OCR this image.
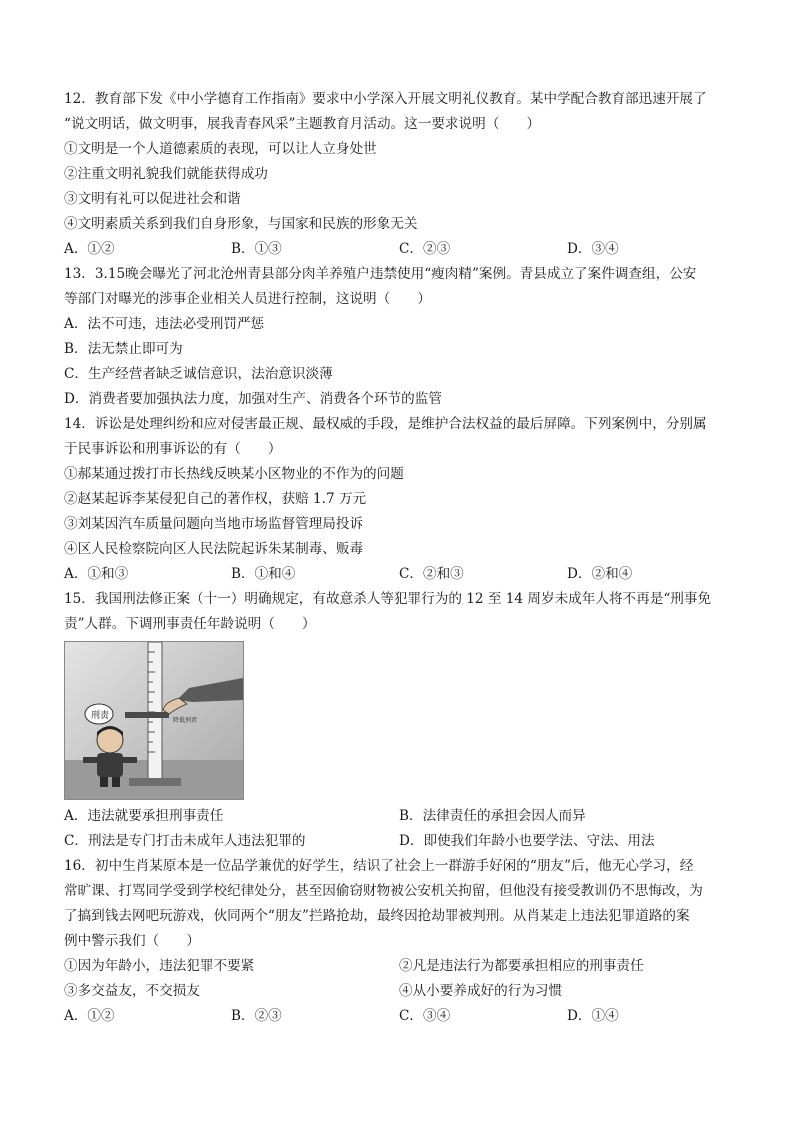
12．教育部下发《中小学德育工作指南》要求中小学深入开展文明礼仪教育。某中学配合教育部迅速开展了
“说文明话，做文明事，展我青春风采”主题教育月活动。这一要求说明（　　）
①文明是一个人道德素质的表现，可以让人立身处世
②注重文明礼貌我们就能获得成功
③文明有礼可以促进社会和谐
④文明素质关系到我们自身形象，与国家和民族的形象无关
A．①②	B．①③	C．②③	D．③④
13．3.15晚会曝光了河北沧州青县部分肉羊养殖户违禁使用“瘦肉精”案例。青县成立了案件调查组，公安
等部门对曝光的涉事企业相关人员进行控制，这说明（　　）
A．法不可违，违法必受刑罚严惩
B．法无禁止即可为
C．生产经营者缺乏诚信意识，法治意识淡薄
D．消费者要加强执法力度，加强对生产、消费各个环节的监管
14．诉讼是处理纠纷和应对侵害最正规、最权威的手段，是维护合法权益的最后屏障。下列案例中，分别属
于民事诉讼和刑事诉讼的有（　　）
①郝某通过拨打市长热线反映某小区物业的不作为的问题
②赵某起诉李某侵犯自己的著作权，获赔 1.7 万元
③刘某因汽车质量问题向当地市场监督管理局投诉
④区人民检察院向区人民法院起诉朱某制毒、贩毒
A．①和③	B．①和④	C．②和③	D．②和④
15．我国刑法修正案（十一）明确规定，有故意杀人等犯罪行为的 12 至 14 周岁未成年人将不再是“刑事免
责”人群。下调刑事责任年龄说明（　　）
降低刑责
刑责
A．违法就要承担刑事责任	B．法律责任的承担会因人而异
C．刑法是专门打击未成年人违法犯罪的	D．即使我们年龄小也要学法、守法、用法
16．初中生肖某原本是一位品学兼优的好学生，结识了社会上一群游手好闲的“朋友”后，他无心学习，经
常旷课、打骂同学受到学校纪律处分，甚至因偷窃财物被公安机关拘留，但他没有接受教训仍不思悔改，为
了搞到钱去网吧玩游戏，伙同两个“朋友”拦路抢劫，最终因抢劫罪被判刑。从肖某走上违法犯罪道路的案
例中警示我们（　　）
①因为年龄小，违法犯罪不要紧	②凡是违法行为都要承担相应的刑事责任
③多交益友，不交损友	④从小要养成好的行为习惯
A．①②	B．②③	C．③④	D．①④
